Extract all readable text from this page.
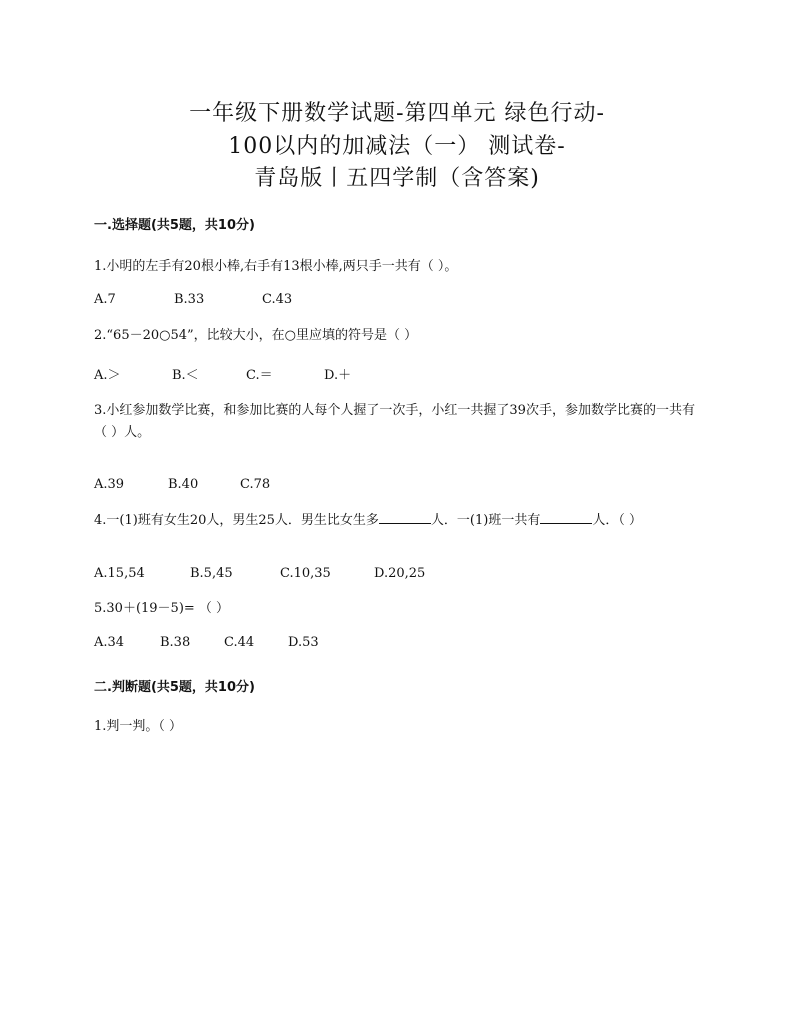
一年级下册数学试题-第四单元 绿色行动-
100以内的加减法（一） 测试卷-
青岛版丨五四学制（含答案)
一.选择题(共5题，共10分)
1.小明的左手有20根小棒,右手有13根小棒,两只手一共有（ ）。
A.7	B.33	C.43
2.“65－20○54”，比较大小，在○里应填的符号是（ ）
A.＞	B.＜	C.＝	D.＋
3.小红参加数学比赛，和参加比赛的人每个人握了一次手，小红一共握了39次手，参加数学比赛的一共有（ ）人。
A.39	B.40	C.78
4.一(1)班有女生20人，男生25人．男生比女生多	人．一(1)班一共有	人．（ ）
A.15,54	B.5,45	C.10,35	D.20,25
5.30＋(19－5)= （ ）
A.34	B.38	C.44	D.53
二.判断题(共5题，共10分)
1.判一判。（ ）
